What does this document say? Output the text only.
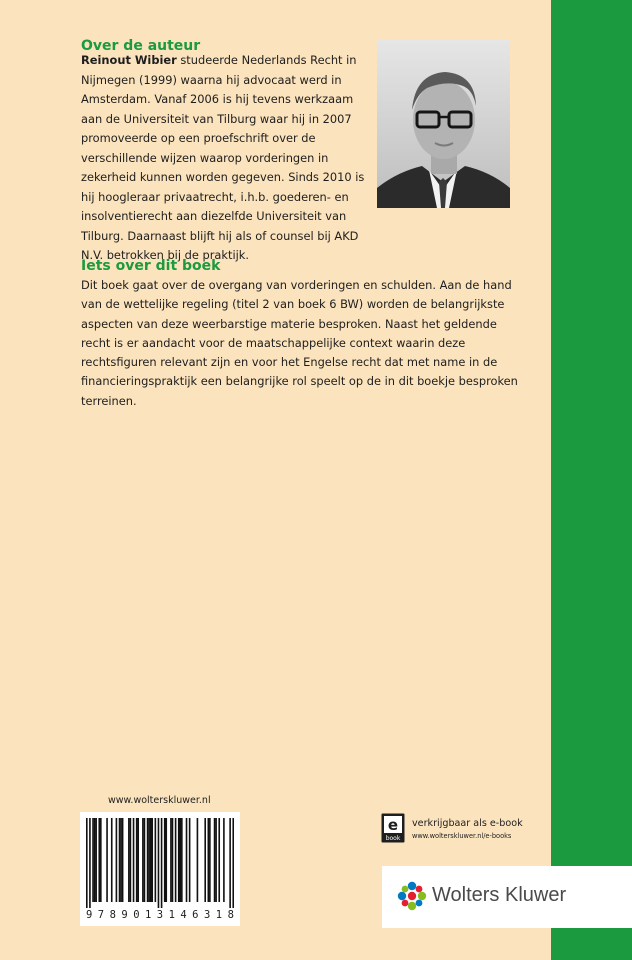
Over de auteur

Reinout Wibier studeerde Nederlands Recht in Nijmegen (1999) waarna hij advocaat werd in Amsterdam. Vanaf 2006 is hij tevens werkzaam aan de Universiteit van Tilburg waar hij in 2007 promoveerde op een proefschrift over de verschillende wijzen waarop vorderingen in zekerheid kunnen worden gegeven. Sinds 2010 is hij hoogleraar privaatrecht, i.h.b. goederen- en insolventierecht aan diezelfde Universiteit van Tilburg. Daarnaast blijft hij als of counsel bij AKD N.V. betrokken bij de praktijk.

Iets over dit boek

Dit boek gaat over de overgang van vorderingen en schulden. Aan de hand van de wettelijke regeling (titel 2 van boek 6 BW) worden de belangrijkste aspecten van deze weerbarstige materie besproken. Naast het geldende recht is er aandacht voor de maatschappelijke context waarin deze rechtsfiguren relevant zijn en voor het Engelse recht dat met name in de financieringspraktijk een belangrijke rol speelt op de in dit boekje besproken terreinen.

www.wolterskluwer.nl
9 7 8 9 0 1 3 1 4 6 3 1 8
e
book
verkrijgbaar als e-book
www.wolterskluwer.nl/e-books
Wolters Kluwer
